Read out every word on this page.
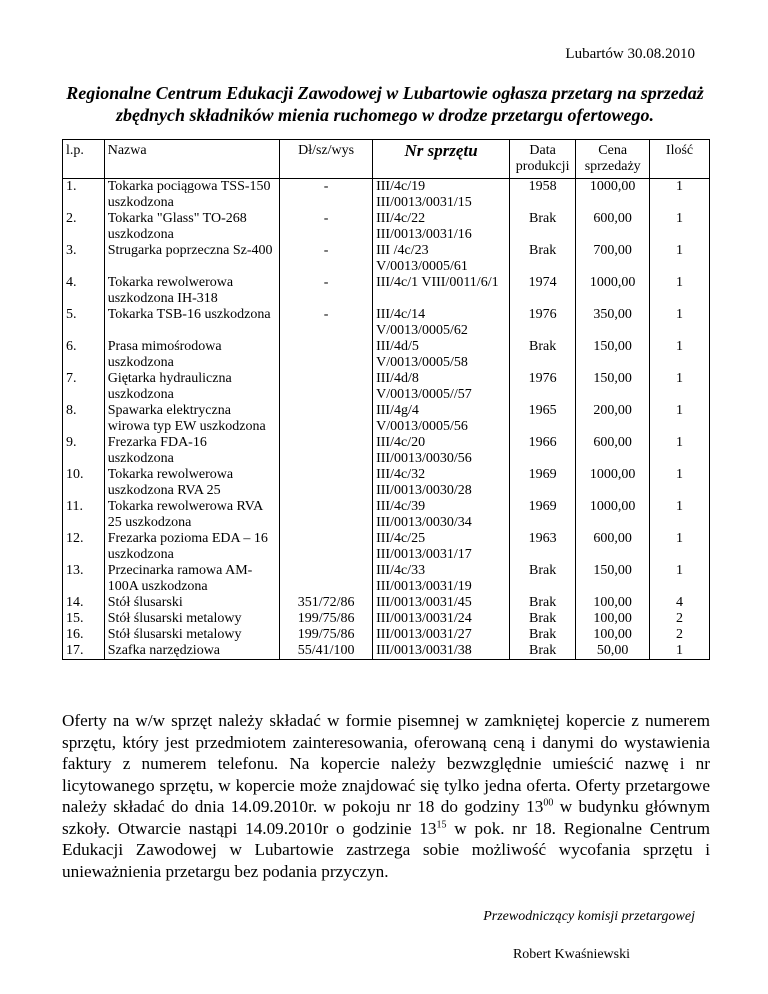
Lubartów 30.08.2010
Regionalne Centrum Edukacji Zawodowej w Lubartowie ogłasza przetarg na sprzedaż zbędnych składników mienia ruchomego w drodze przetargu ofertowego.
l.p.	Nazwa	Dł/sz/wys	Nr sprzętu	Data produkcji	Cena sprzedaży	Ilość
1.	Tokarka pociągowa TSS-150 uszkodzona	-	III/4c/19 III/0013/0031/15	1958	1000,00	1
2.	Tokarka "Glass" TO-268 uszkodzona	-	III/4c/22 III/0013/0031/16	Brak	600,00	1
3.	Strugarka poprzeczna Sz-400	-	III /4c/23 V/0013/0005/61	Brak	700,00	1
4.	Tokarka rewolwerowa uszkodzona IH-318	-	III/4c/1 VIII/0011/6/1	1974	1000,00	1
5.	Tokarka TSB-16 uszkodzona	-	III/4c/14 V/0013/0005/62	1976	350,00	1
6.	Prasa mimośrodowa uszkodzona		III/4d/5 V/0013/0005/58	Brak	150,00	1
7.	Giętarka hydrauliczna uszkodzona		III/4d/8 V/0013/0005//57	1976	150,00	1
8.	Spawarka elektryczna wirowa typ EW uszkodzona		III/4g/4 V/0013/0005/56	1965	200,00	1
9.	Frezarka FDA-16 uszkodzona		III/4c/20 III/0013/0030/56	1966	600,00	1
10.	Tokarka rewolwerowa uszkodzona RVA 25		III/4c/32 III/0013/0030/28	1969	1000,00	1
11.	Tokarka rewolwerowa RVA 25 uszkodzona		III/4c/39 III/0013/0030/34	1969	1000,00	1
12.	Frezarka pozioma EDA – 16 uszkodzona		III/4c/25 III/0013/0031/17	1963	600,00	1
13.	Przecinarka ramowa AM-100A uszkodzona		III/4c/33 III/0013/0031/19	Brak	150,00	1
14.	Stół ślusarski	351/72/86	III/0013/0031/45	Brak	100,00	4
15.	Stół ślusarski metalowy	199/75/86	III/0013/0031/24	Brak	100,00	2
16.	Stół ślusarski metalowy	199/75/86	III/0013/0031/27	Brak	100,00	2
17.	Szafka narzędziowa	55/41/100	III/0013/0031/38	Brak	50,00	1
Oferty na w/w sprzęt należy składać w formie pisemnej w zamkniętej kopercie z numerem sprzętu, który jest przedmiotem zainteresowania, oferowaną ceną i danymi do wystawienia faktury z numerem telefonu. Na kopercie należy bezwzględnie umieścić nazwę i nr licytowanego sprzętu, w kopercie może znajdować się tylko jedna oferta. Oferty przetargowe należy składać do dnia 14.09.2010r. w pokoju nr 18 do godziny $13^{00}$ w budynku głównym szkoły. Otwarcie nastąpi 14.09.2010r o godzinie $13^{15}$ w pok. nr 18. Regionalne Centrum Edukacji Zawodowej w Lubartowie zastrzega sobie możliwość wycofania sprzętu i unieważnienia przetargu bez podania przyczyn.
Przewodniczący komisji przetargowej
Robert Kwaśniewski
